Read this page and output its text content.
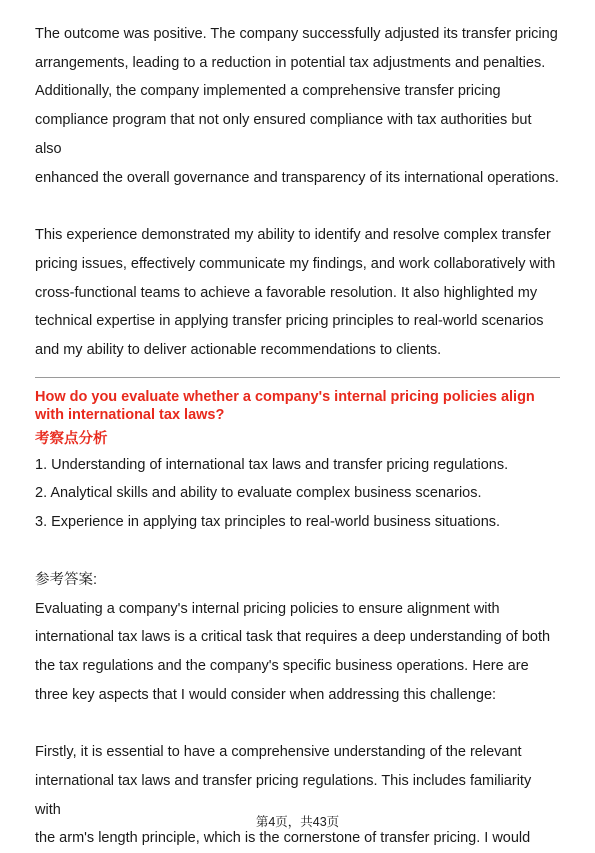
The outcome was positive. The company successfully adjusted its transfer pricing
arrangements, leading to a reduction in potential tax adjustments and penalties.
Additionally, the company implemented a comprehensive transfer pricing
compliance program that not only ensured compliance with tax authorities but also
enhanced the overall governance and transparency of its international operations.

This experience demonstrated my ability to identify and resolve complex transfer
pricing issues, effectively communicate my findings, and work collaboratively with
cross-functional teams to achieve a favorable resolution. It also highlighted my
technical expertise in applying transfer pricing principles to real-world scenarios
and my ability to deliver actionable recommendations to clients.

How do you evaluate whether a company's internal pricing policies align with international tax laws?

考察点分析

1. Understanding of international tax laws and transfer pricing regulations.
2. Analytical skills and ability to evaluate complex business scenarios.
3. Experience in applying tax principles to real-world business situations.

参考答案:

Evaluating a company's internal pricing policies to ensure alignment with
international tax laws is a critical task that requires a deep understanding of both
the tax regulations and the company's specific business operations. Here are
three key aspects that I would consider when addressing this challenge:

Firstly, it is essential to have a comprehensive understanding of the relevant
international tax laws and transfer pricing regulations. This includes familiarity with
the arm's length principle, which is the cornerstone of transfer pricing. I would

第4页，共43页
